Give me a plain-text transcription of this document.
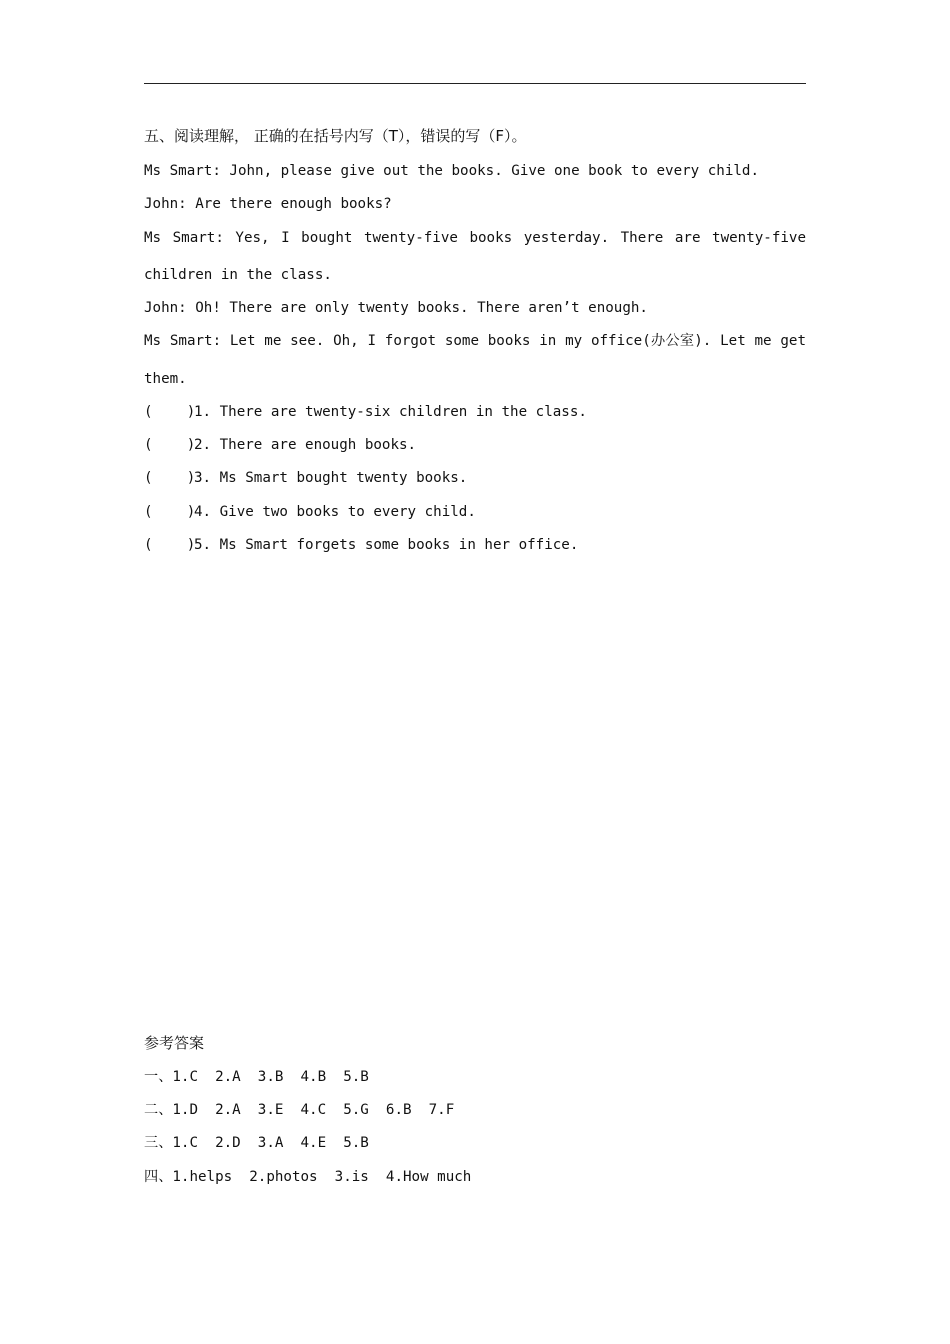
五、阅读理解， 正确的在括号内写（T），错误的写（F）。
Ms Smart: John, please give out the books. Give one book to every child.
John: Are there enough books?
Ms Smart: Yes, I bought twenty-five books yesterday. There are twenty-five
children in the class.
John: Oh! There are only twenty books. There aren’t enough.
Ms Smart: Let me see. Oh, I forgot some books in my office(办公室). Let me get
them.
(    )1. There are twenty-six children in the class.
(    )2. There are enough books.
(    )3. Ms Smart bought twenty books.
(    )4. Give two books to every child.
(    )5. Ms Smart forgets some books in her office.
参考答案
一、1.C  2.A  3.B  4.B  5.B
二、1.D  2.A  3.E  4.C  5.G  6.B  7.F
三、1.C  2.D  3.A  4.E  5.B
四、1.helps  2.photos  3.is  4.How much
